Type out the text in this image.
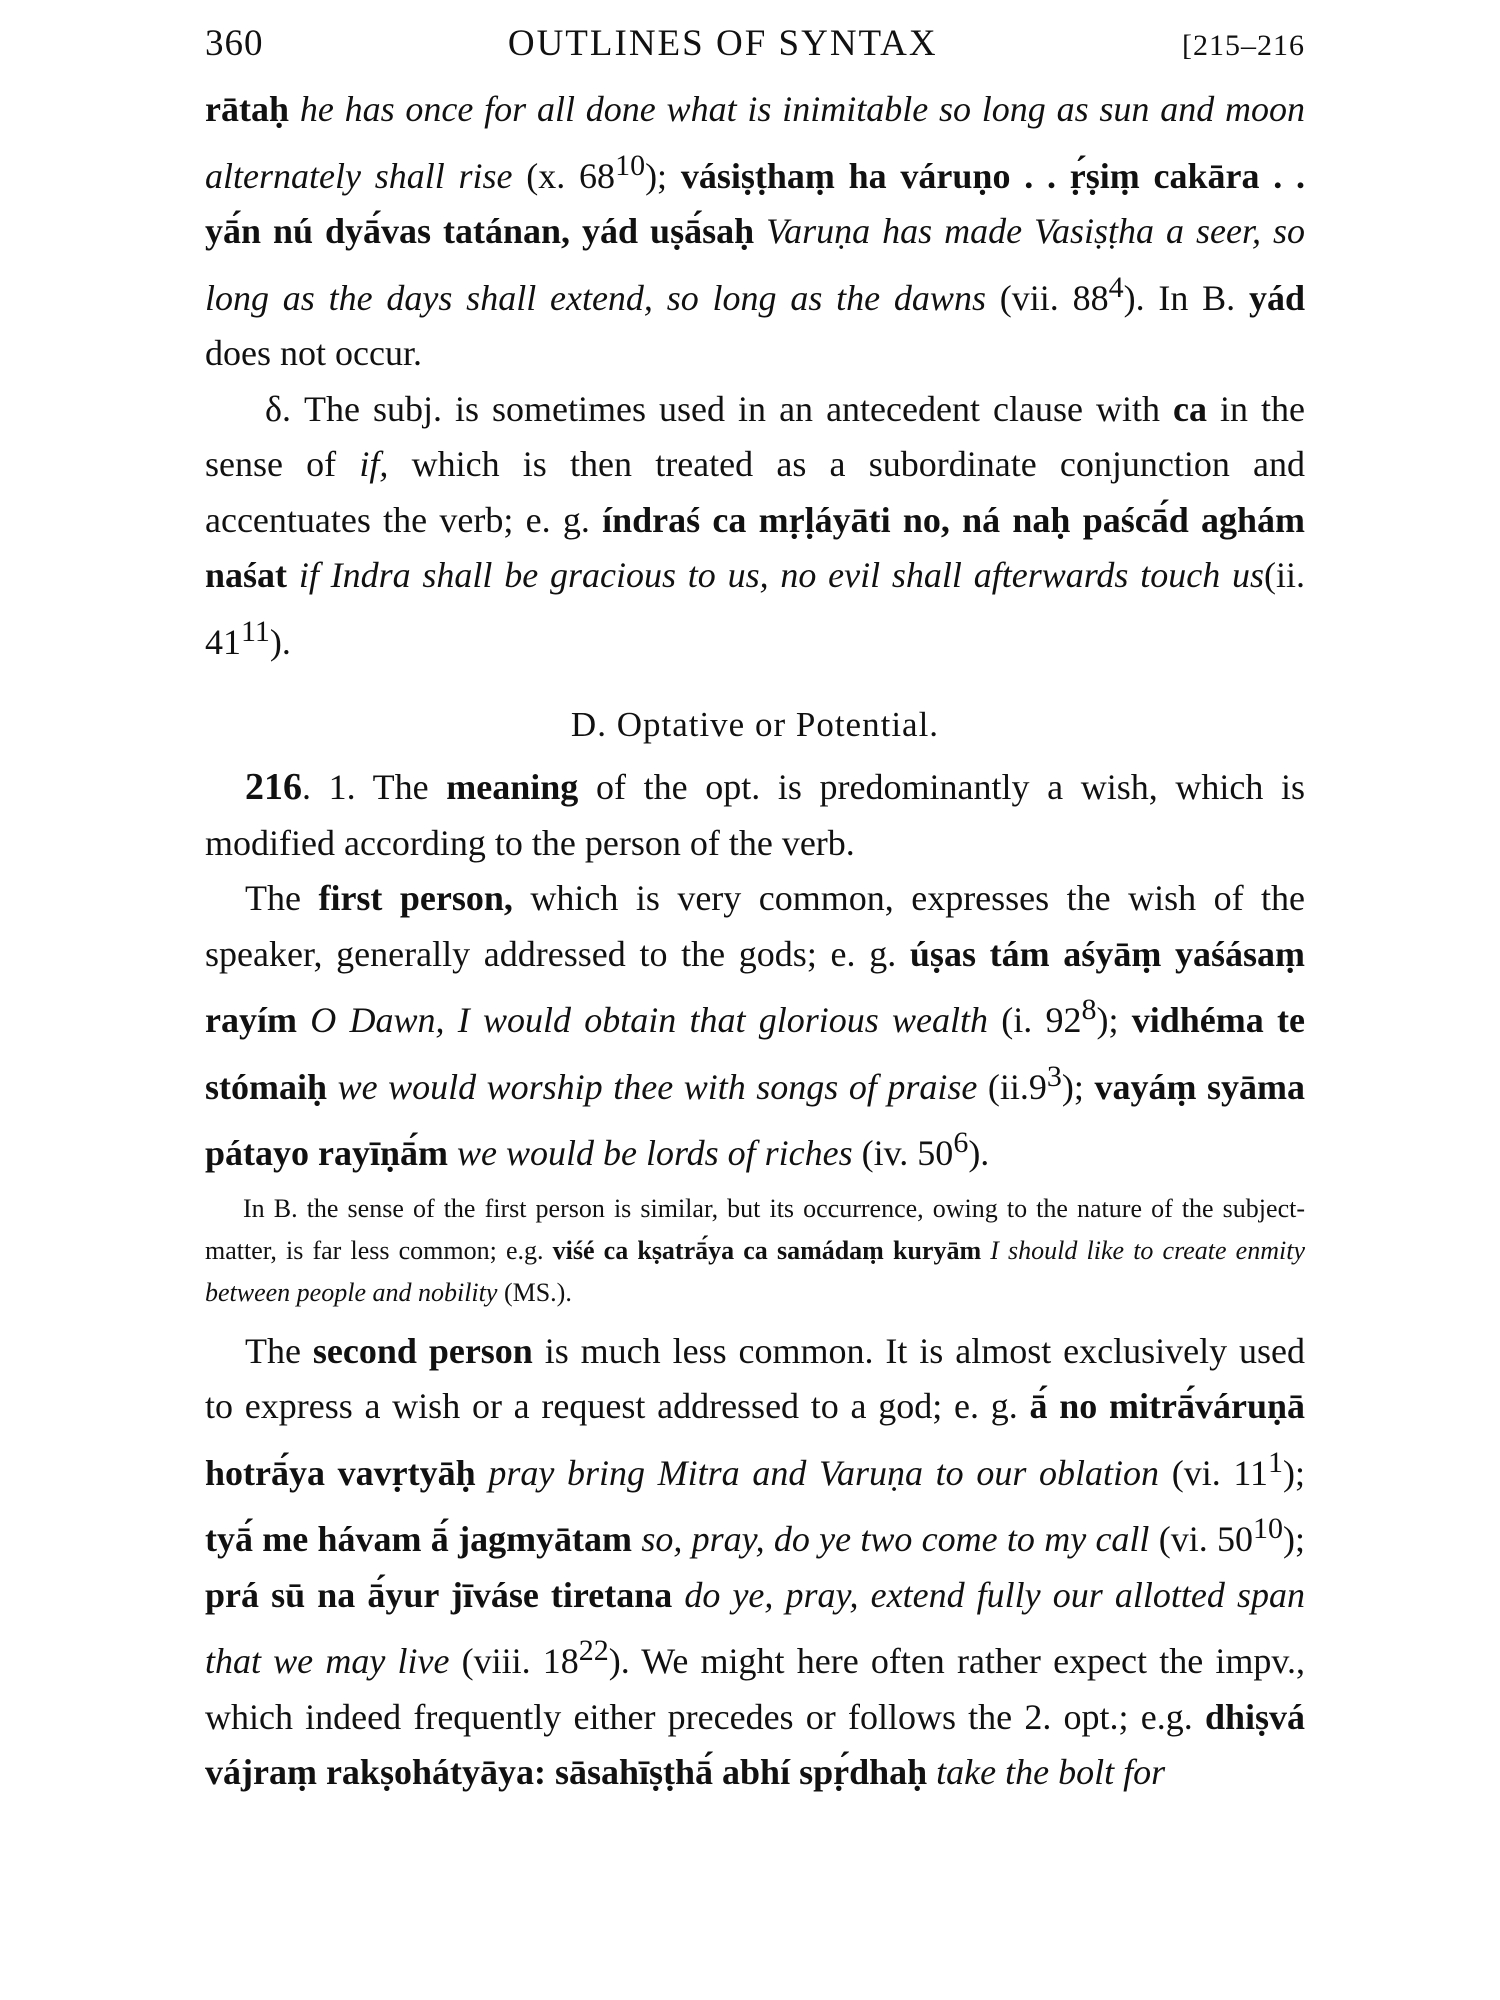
360	OUTLINES OF SYNTAX	[215–216

rātaḥ he has once for all done what is inimitable so long as sun and moon alternately shall rise (x. $68^{10}$); vásiṣṭhaṃ ha váruṇo . . ṛ́ṣiṃ cakāra . . yā́n nú dyā́vas tatánan, yád uṣā́saḥ Varuṇa has made Vasiṣṭha a seer, so long as the days shall extend, so long as the dawns (vii. $88^4$). In B. yád does not occur.

δ. The subj. is sometimes used in an antecedent clause with ca in the sense of if, which is then treated as a subordinate conjunction and accentuates the verb; e. g. índraś ca mṛḷáyāti no, ná naḥ paścā́d aghám naśat if Indra shall be gracious to us, no evil shall afterwards touch us(ii. $41^{11}$).

D. Optative or Potential.

216. 1. The meaning of the opt. is predominantly a wish, which is modified according to the person of the verb.

The first person, which is very common, expresses the wish of the speaker, generally addressed to the gods; e. g. úṣas tám aśyāṃ yaśásaṃ rayím O Dawn, I would obtain that glorious wealth (i. $92^8$); vidhéma te stómaiḥ we would worship thee with songs of praise $(ii.9^3)$; vayáṃ syāma pátayo rayīṇā́m we would be lords of riches (iv. $50^6$).

In B. the sense of the first person is similar, but its occurrence, owing to the nature of the subject-matter, is far less common; e.g. viśé ca kṣatrā́ya ca samádaṃ kuryām I should like to create enmity between people and nobility (MS.).

The second person is much less common. It is almost exclusively used to express a wish or a request addressed to a god; e. g. ā́ no mitrā́váruṇā hotrā́ya vavṛtyāḥ pray bring Mitra and Varuṇa to our oblation (vi. $11^1$); tyā́ me hávam ā́ jagmyātam so, pray, do ye two come to my call (vi. $50^{10}$); prá sū na ā́yur jīváse tiretana do ye, pray, extend fully our allotted span that we may live (viii. $18^{22}$). We might here often rather expect the impv., which indeed frequently either precedes or follows the 2. opt.; e.g. dhiṣvá vájraṃ rakṣohátyāya: sāsahīṣṭhā́ abhí spṛ́dhaḥ take the bolt for
